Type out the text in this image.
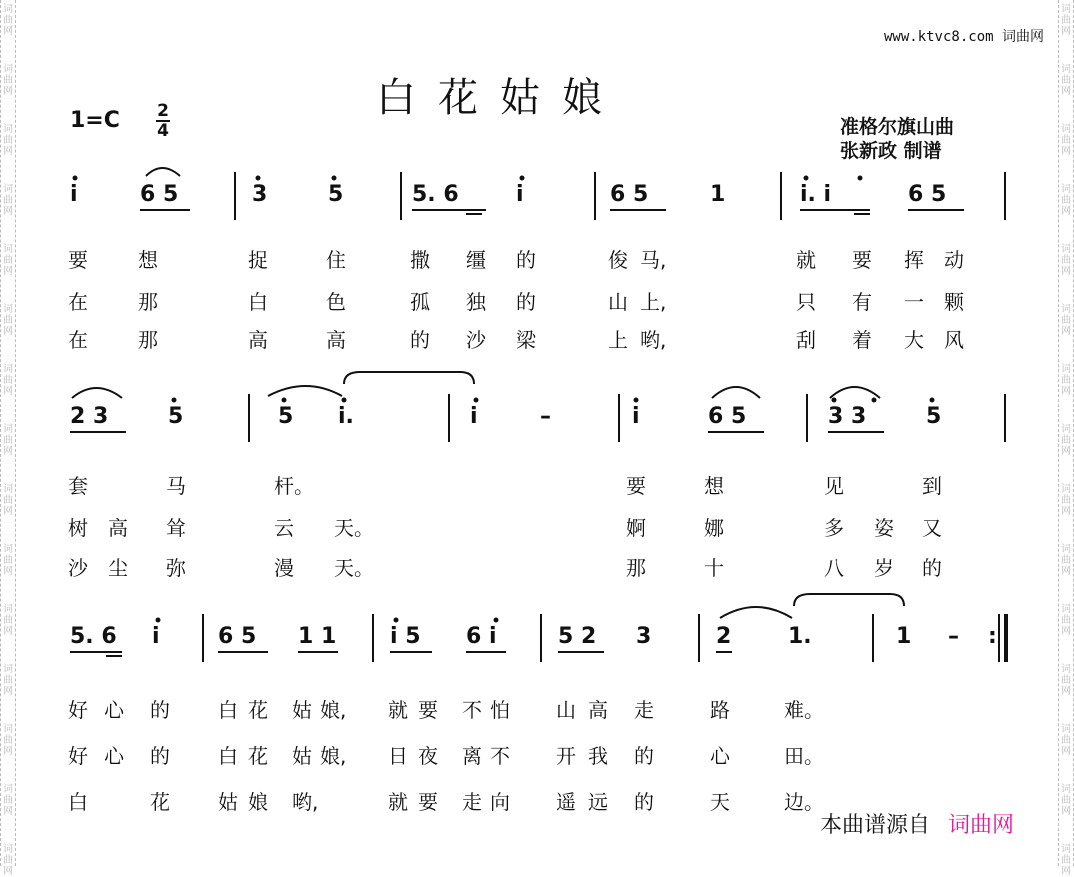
词
曲
网
词
曲
网
词
曲
网
词
曲
网
词
曲
网
词
曲
网
词
曲
网
词
曲
网
词
曲
网
词
曲
网
词
曲
网
词
曲
网
词
曲
网
词
曲
网
词
曲
网
词
曲
网
词
曲
网
词
曲
网
词
曲
网
词
曲
网
词
曲
网
词
曲
网
词
曲
网
词
曲
网
词
曲
网
词
曲
网
词
曲
网
词
曲
网
词
曲
网
词
曲
网
www.ktvc8.com 词曲网
白花姑娘
1=C 2
4	准格尔旗山曲
张新政 制谱
i	6 5	3	5	5. 6	i	6 5	1	i. i	6 5
要	想	捉	住	撒 缰 的	俊 马,	就 要 挥 动
在	那	白	色	孤 独 的	山 上,	只 有 一 颗
在	那	高	高	的 沙 梁	上 哟,	刮 着 大 风
2 3	5	5 i.	i	–	i	6 5	3 3	5
套	马	杆。	要	想	见	到
树 高 耸	云 天。	婀	娜	多 姿 又
沙 尘 弥	漫 天。	那	十	八 岁 的
5. 6 i	6 5 1 1 i 5 6 i	5 2 3	2	1.	1 – :
好 心 的 白 花 姑 娘, 就 要 不 怕 山 高 走	路	难。
好 心 的 白 花 姑 娘, 日 夜 离 不 开 我 的	心	田。
白	花 姑 娘 哟,	就 要 走 向 遥 远 的	天	边。
本曲谱源自 词曲网
